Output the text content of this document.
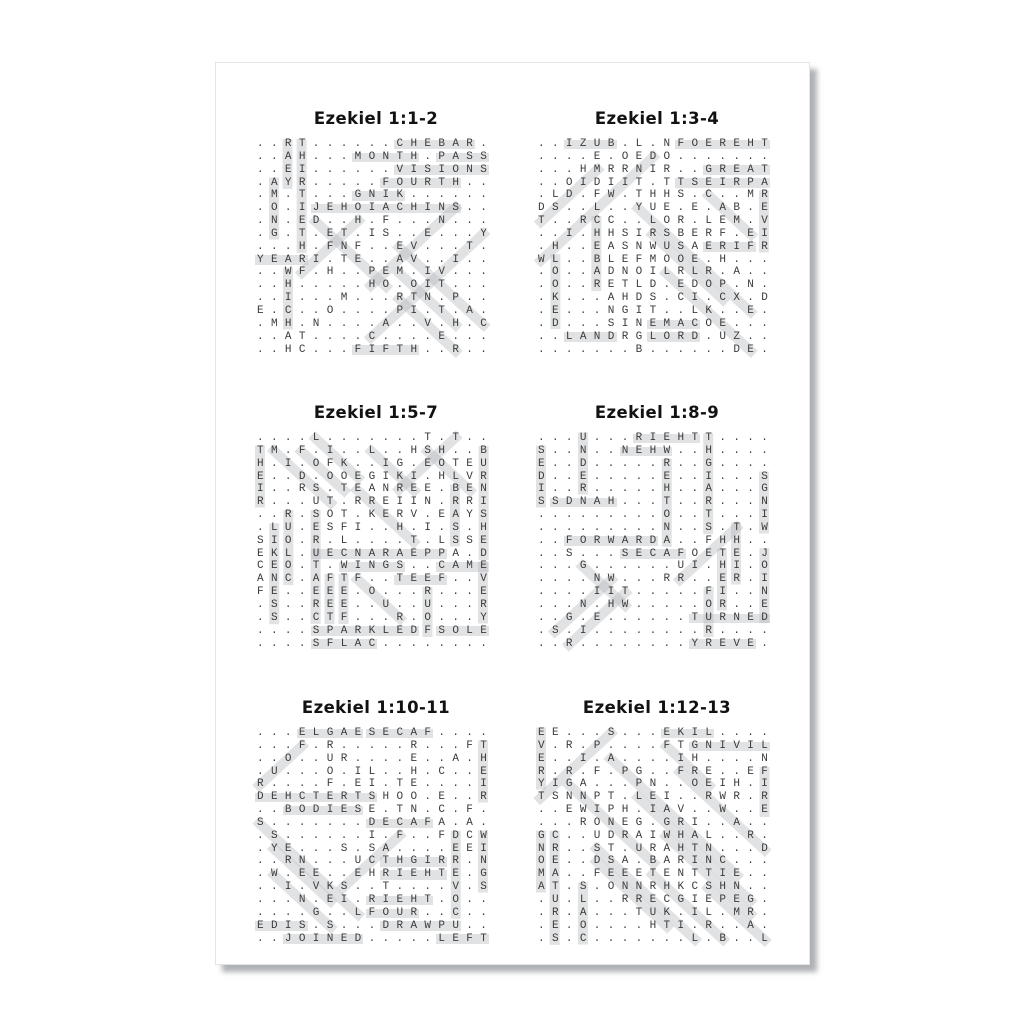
Ezekiel 1:1-2
..RT......CHEBAR.
..AH...MONTH.PASS
..EI......VISIONS
.AYR.....FOURTH..
.M.T...GNIK......
.O.IJEHOIACHINS..
.N.ED..H.F...N...
.G.T.ET.IS..E...Y
...H.FNF..EV...T.
YEARI.TE..AV..I..
..WF.H..PEM.IV...
..H.....HO.OIT...
..I...M...RTN.P..
E.C..O....PI.T.A.
.MH.N....A..V.H.C
..AT....C....E...
..HC...FIFTH..R..
Ezekiel 1:3-4
..IZUB.L.NFOEREHT
....E.OEDO.......
...HMRRNIR..GREAT
..OIDIIT.TTSEIRPA
.LD.FW.THHS.C..MR
DS..L..YUE.E.AB.E
T..RCC..LOR.LEM.V
..I.HHSIRSBERF.EI
.H..EASNWUSAERIFR
WL..BLEFMOOE.H...
.O..ADNOILRLR.A..
.O..RETLD.EDOP.N.
.K...AHDS.CI.CX.D
.E...NGIT..LK..E.
.D...SINEMACOE...
..LANDRGLORD.UZ..
.......B......DE.
Ezekiel 1:5-7
....L.......T.T..
TM.F.I..L..HSH..B
H.I.OFK..IG.EOTEU
E..D.OOEGIKI.HLVR
I..RS.TEANREE.BEN
R...UT.RREIIN.RRI
..R.SOT.KERV.EAYS
.LU.ESFI..H.I.S.H
SIO.R.L....T.LSSE
EKL.UECNARAEPPA.D
CEO.T.WINGS..CAME
ANC.AFTF..TEEF..V
FE..EEE.O...R...E
.S..REE..U..U...R
.S..CTF...R.O...Y
....SPARKLEDFSOLE
....SFLAC........
Ezekiel 1:8-9
...U...RIEHTT....
S..N..NEHW..H....
E..D.....R..G....
D..E.....E..I...S
I..R.....H..A...G
SSDNAH...T..R...N
.........O..T...I
.........N..S.T.W
..FORWARDA..FHH..
..S...SECAFOETE.J
...G......UI.HI.O
....NW...RR..ER.I
....IIT.....FI..N
...N.HW.....OR..E
..G.E......TURNED
.S.I........R....
..R........YREVE.
Ezekiel 1:10-11
...ELGAESECAF....
...F.R.....R...FT
..O..UR....E..A.H
.U...O.IL..H.C..E
R....F.EI.TE....I
DEHCTERTSHOO.E..R
..BODIESE.TN.C.F.
S.......DECAFA.A.
.S......I.F..FDCW
.YE...S.SA....EEI
..RN...UCTHGIRR.N
.W.EE..EHRIEHTE.G
..I.VKS..T....V.S
...N.EI.RIEHT.O..
....G..LFOUR..C..
EDIS.S...DRAWPU..
..JOINED.....LEFT
Ezekiel 1:12-13
EE...S...EKIL....
V.R.P....FTGNIVIL
E..I.A....IH....N
R.R.F.PG..FRE..EF
YIGA...PN..OEIH.I
TSNNPT.LEI..RWR.R
..EWIPH.IAV..W..E
...RONEG.GRI..A..
GC..UDRAIWHAL..R.
NR..ST.URAHTN...D
OE..DSA.BARINC...
MA..FEEETENTTIE..
AT.S.ONNRHKCSHN..
.U.L..RRECGIEPEG.
.R.A...TUK.IL.MR.
.E.O....HTI.R..A.
.S.C.......L.B..L
